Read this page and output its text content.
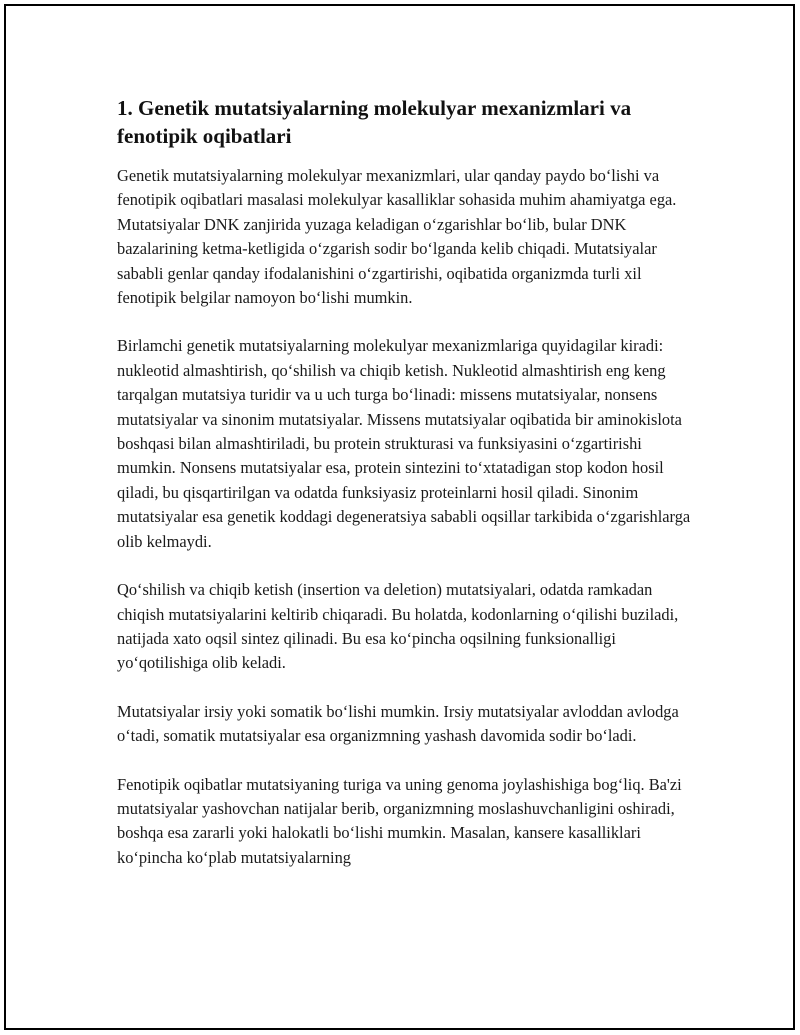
1. Genetik mutatsiyalarning molekulyar mexanizmlari va fenotipik oqibatlari

Genetik mutatsiyalarning molekulyar mexanizmlari, ular qanday paydo bo‘lishi va fenotipik oqibatlari masalasi molekulyar kasalliklar sohasida muhim ahamiyatga ega. Mutatsiyalar DNK zanjirida yuzaga keladigan o‘zgarishlar bo‘lib, bular DNK bazalarining ketma-ketligida o‘zgarish sodir bo‘lganda kelib chiqadi. Mutatsiyalar sababli genlar qanday ifodalanishini o‘zgartirishi, oqibatida organizmda turli xil fenotipik belgilar namoyon bo‘lishi mumkin.

Birlamchi genetik mutatsiyalarning molekulyar mexanizmlariga quyidagilar kiradi: nukleotid almashtirish, qo‘shilish va chiqib ketish. Nukleotid almashtirish eng keng tarqalgan mutatsiya turidir va u uch turga bo‘linadi: missens mutatsiyalar, nonsens mutatsiyalar va sinonim mutatsiyalar. Missens mutatsiyalar oqibatida bir aminokislota boshqasi bilan almashtiriladi, bu protein strukturasi va funksiyasini o‘zgartirishi mumkin. Nonsens mutatsiyalar esa, protein sintezini to‘xtatadigan stop kodon hosil qiladi, bu qisqartirilgan va odatda funksiyasiz proteinlarni hosil qiladi. Sinonim mutatsiyalar esa genetik koddagi degeneratsiya sababli oqsillar tarkibida o‘zgarishlarga olib kelmaydi.

Qo‘shilish va chiqib ketish (insertion va deletion) mutatsiyalari, odatda ramkadan chiqish mutatsiyalarini keltirib chiqaradi. Bu holatda, kodonlarning o‘qilishi buziladi, natijada xato oqsil sintez qilinadi. Bu esa ko‘pincha oqsilning funksionalligi yo‘qotilishiga olib keladi.

Mutatsiyalar irsiy yoki somatik bo‘lishi mumkin. Irsiy mutatsiyalar avloddan avlodga o‘tadi, somatik mutatsiyalar esa organizmning yashash davomida sodir bo‘ladi.

Fenotipik oqibatlar mutatsiyaning turiga va uning genoma joylashishiga bog‘liq. Ba'zi mutatsiyalar yashovchan natijalar berib, organizmning moslashuvchanligini oshiradi, boshqa esa zararli yoki halokatli bo‘lishi mumkin. Masalan, kansere kasalliklari ko‘pincha ko‘plab mutatsiyalarning
